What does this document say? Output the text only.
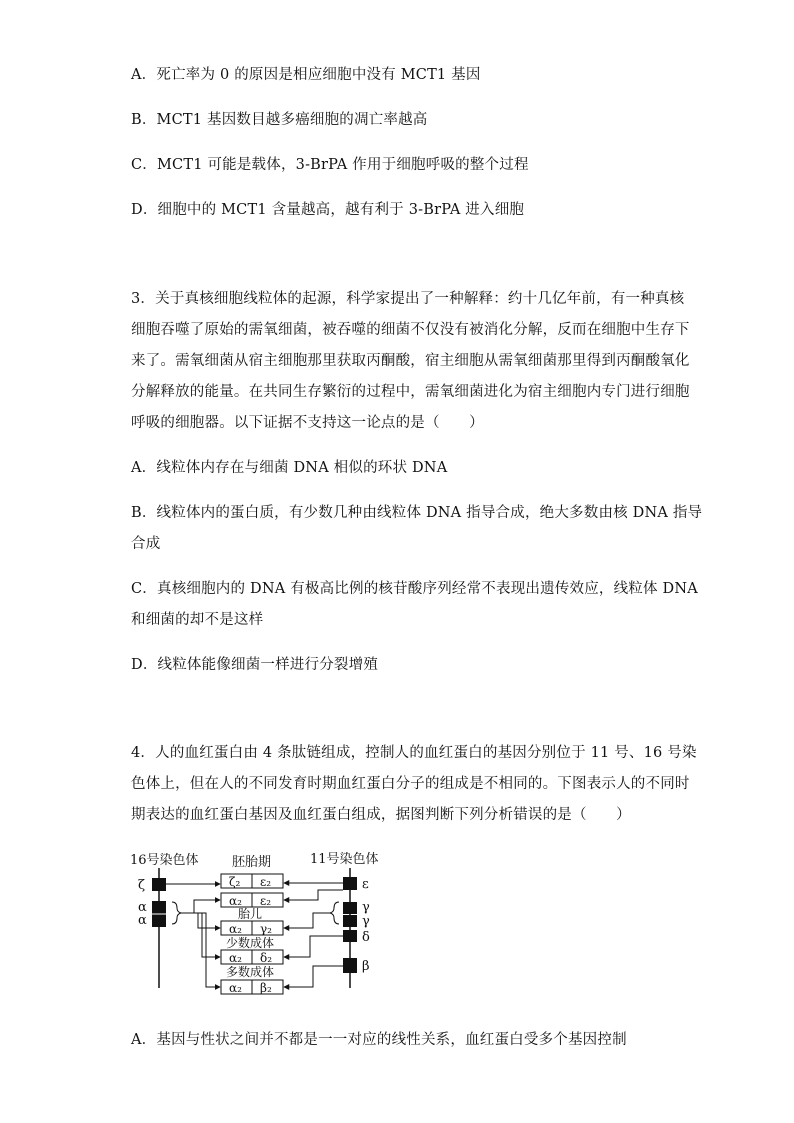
A．死亡率为 0 的原因是相应细胞中没有 MCT1 基因
B．MCT1 基因数目越多癌细胞的凋亡率越高
C．MCT1 可能是载体，3-BrPA 作用于细胞呼吸的整个过程
D．细胞中的 MCT1 含量越高，越有利于 3-BrPA 进入细胞
3．关于真核细胞线粒体的起源，科学家提出了一种解释：约十几亿年前，有一种真核
细胞吞噬了原始的需氧细菌，被吞噬的细菌不仅没有被消化分解，反而在细胞中生存下
来了。需氧细菌从宿主细胞那里获取丙酮酸，宿主细胞从需氧细菌那里得到丙酮酸氧化
分解释放的能量。在共同生存繁衍的过程中，需氧细菌进化为宿主细胞内专门进行细胞
呼吸的细胞器。以下证据不支持这一论点的是（　　）
A．线粒体内存在与细菌 DNA 相似的环状 DNA
B．线粒体内的蛋白质，有少数几种由线粒体 DNA 指导合成，绝大多数由核 DNA 指导
合成
C．真核细胞内的 DNA 有极高比例的核苷酸序列经常不表现出遗传效应，线粒体 DNA
和细菌的却不是这样
D．线粒体能像细菌一样进行分裂增殖
4．人的血红蛋白由 4 条肽链组成，控制人的血红蛋白的基因分别位于 11 号、16 号染
色体上，但在人的不同发育时期血红蛋白分子的组成是不相同的。下图表示人的不同时
期表达的血红蛋白基因及血红蛋白组成，据图判断下列分析错误的是（　　）
16号染色体	胚胎期	11号染色体
ζ
α
α
ε
γ
γ
δ
β
ζ₂ ε₂
α₂ ε₂
胎儿
α₂ γ₂
少数成体
α₂ δ₂
多数成体
α₂ β₂
A．基因与性状之间并不都是一一对应的线性关系，血红蛋白受多个基因控制
